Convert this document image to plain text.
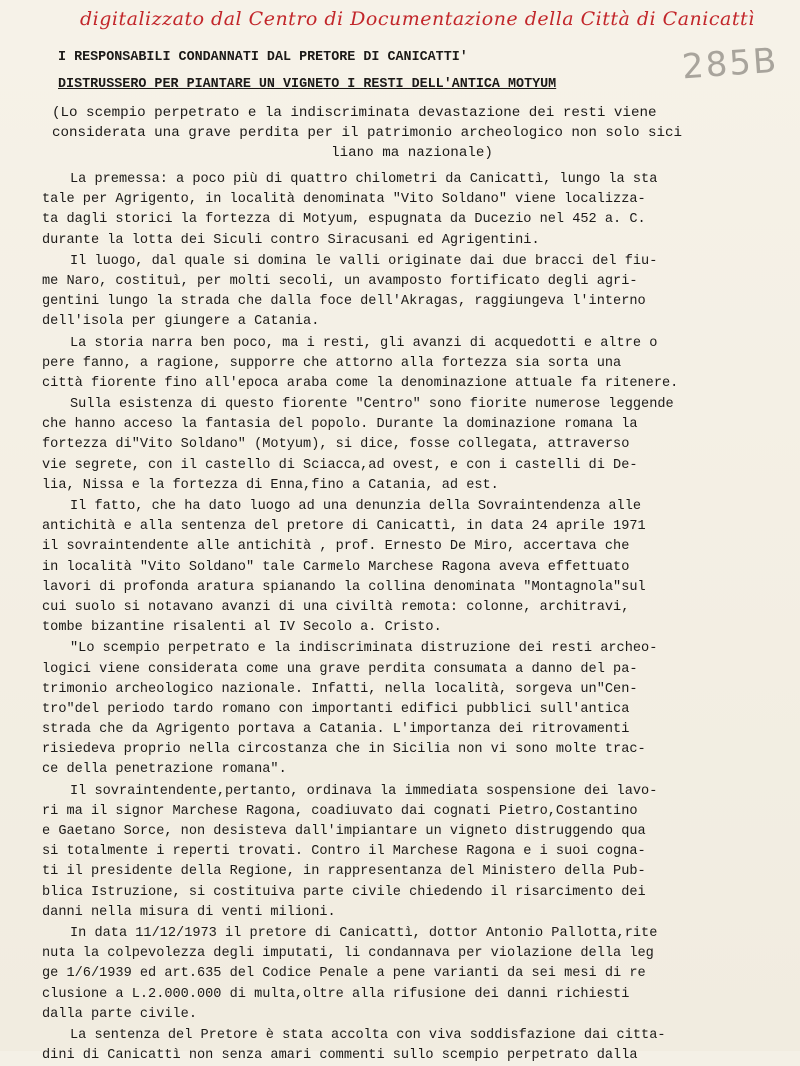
digitalizzato dal Centro di Documentazione della Città di Canicattì
285B
I RESPONSABILI CONDANNATI DAL PRETORE DI CANICATTI'
DISTRUSSERO PER PIANTARE UN VIGNETO I RESTI DELL'ANTICA MOTYUM
(Lo scempio perpetrato e la indiscriminata devastazione dei resti viene
considerata una grave perdita per il patrimonio archeologico non solo sici
liano ma nazionale)
La premessa: a poco più di quattro chilometri da Canicattì, lungo la sta
tale per Agrigento, in località denominata "Vito Soldano" viene localizza-
ta dagli storici la fortezza di Motyum, espugnata da Ducezio nel 452 a. C.
durante la lotta dei Siculi contro Siracusani ed Agrigentini.
Il luogo, dal quale si domina le valli originate dai due bracci del fiu-
me Naro, costituì, per molti secoli, un avamposto fortificato degli agri-
gentini lungo la strada che dalla foce dell'Akragas, raggiungeva l'interno
dell'isola per giungere a Catania.
La storia narra ben poco, ma i resti, gli avanzi di acquedotti e altre o
pere fanno, a ragione, supporre che attorno alla fortezza sia sorta una
città fiorente fino all'epoca araba come la denominazione attuale fa ritenere.
Sulla esistenza di questo fiorente "Centro" sono fiorite numerose leggende
che hanno acceso la fantasia del popolo. Durante la dominazione romana la
fortezza di"Vito Soldano" (Motyum), si dice, fosse collegata, attraverso
vie segrete, con il castello di Sciacca,ad ovest, e con i castelli di De-
lia, Nissa e la fortezza di Enna,fino a Catania, ad est.
Il fatto, che ha dato luogo ad una denunzia della Sovraintendenza alle
antichità e alla sentenza del pretore di Canicattì, in data 24 aprile 1971
il sovraintendente alle antichità , prof. Ernesto De Miro, accertava che
in località "Vito Soldano" tale Carmelo Marchese Ragona aveva effettuato
lavori di profonda aratura spianando la collina denominata "Montagnola"sul
cui suolo si notavano avanzi di una civiltà remota: colonne, architravi,
tombe bizantine risalenti al IV Secolo a. Cristo.
"Lo scempio perpetrato e la indiscriminata distruzione dei resti archeo-
logici viene considerata come una grave perdita consumata a danno del pa-
trimonio archeologico nazionale. Infatti, nella località, sorgeva un"Cen-
tro"del periodo tardo romano con importanti edifici pubblici sull'antica
strada che da Agrigento portava a Catania. L'importanza dei ritrovamenti
risiedeva proprio nella circostanza che in Sicilia non vi sono molte trac-
ce della penetrazione romana".
Il sovraintendente,pertanto, ordinava la immediata sospensione dei lavo-
ri ma il signor Marchese Ragona, coadiuvato dai cognati Pietro,Costantino
e Gaetano Sorce, non desisteva dall'impiantare un vigneto distruggendo qua
si totalmente i reperti trovati. Contro il Marchese Ragona e i suoi cogna-
ti il presidente della Regione, in rappresentanza del Ministero della Pub-
blica Istruzione, si costituiva parte civile chiedendo il risarcimento dei
danni nella misura di venti milioni.
In data 11/12/1973 il pretore di Canicattì, dottor Antonio Pallotta,rite
nuta la colpevolezza degli imputati, li condannava per violazione della leg
ge 1/6/1939 ed art.635 del Codice Penale a pene varianti da sei mesi di re
clusione a L.2.000.000 di multa,oltre alla rifusione dei danni richiesti
dalla parte civile.
La sentenza del Pretore è stata accolta con viva soddisfazione dai citta-
dini di Canicattì non senza amari commenti sullo scempio perpetrato dalla
